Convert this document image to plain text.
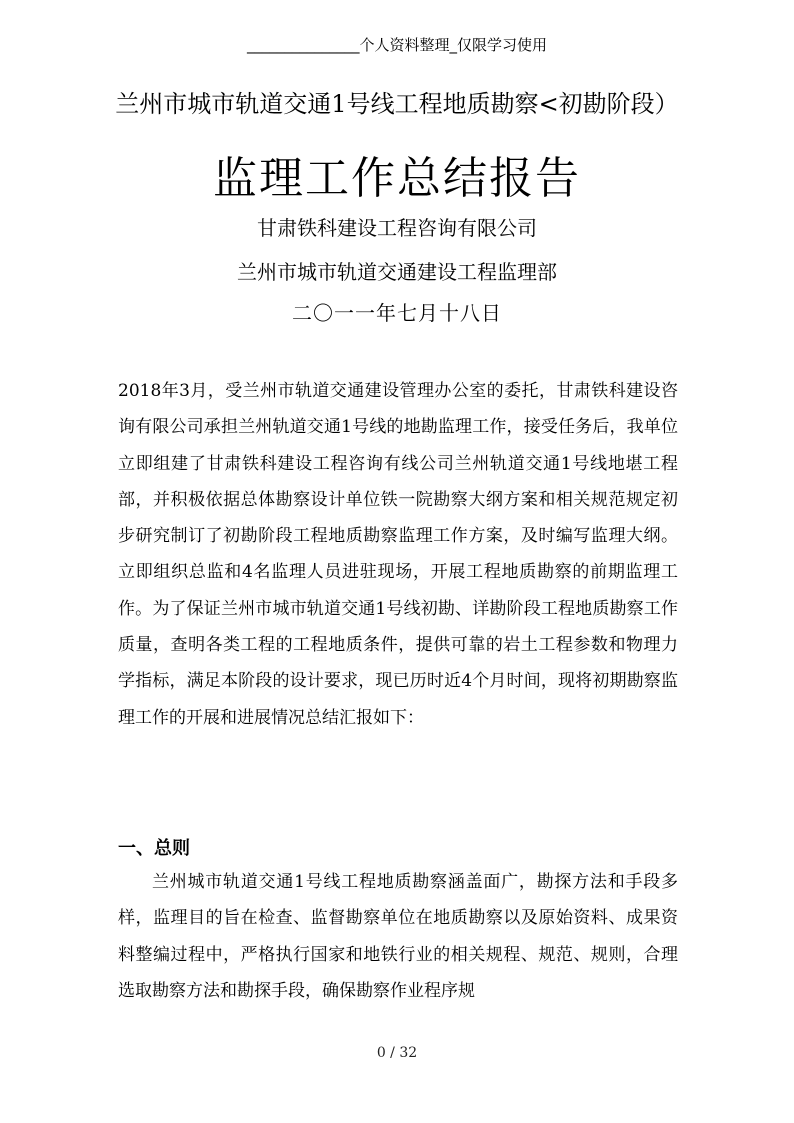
_______________个人资料整理_仅限学习使用
兰州市城市轨道交通1号线工程地质勘察<初勘阶段）
监理工作总结报告
甘肃铁科建设工程咨询有限公司
兰州市城市轨道交通建设工程监理部
二〇一一年七月十八日
2018年3月，受兰州市轨道交通建设管理办公室的委托，甘肃铁科建设咨询有限公司承担兰州轨道交通1号线的地勘监理工作，接受任务后，我单位立即组建了甘肃铁科建设工程咨询有线公司兰州轨道交通1号线地堪工程部，并积极依据总体勘察设计单位铁一院勘察大纲方案和相关规范规定初步研究制订了初勘阶段工程地质勘察监理工作方案，及时编写监理大纲。立即组织总监和4名监理人员进驻现场，开展工程地质勘察的前期监理工作。为了保证兰州市城市轨道交通1号线初勘、详勘阶段工程地质勘察工作质量，查明各类工程的工程地质条件，提供可靠的岩土工程参数和物理力学指标，满足本阶段的设计要求，现已历时近4个月时间，现将初期勘察监理工作的开展和进展情况总结汇报如下：
一、总则
兰州城市轨道交通1号线工程地质勘察涵盖面广，勘探方法和手段多样，监理目的旨在检查、监督勘察单位在地质勘察以及原始资料、成果资料整编过程中，严格执行国家和地铁行业的相关规程、规范、规则，合理选取勘察方法和勘探手段，确保勘察作业程序规
0 / 32
